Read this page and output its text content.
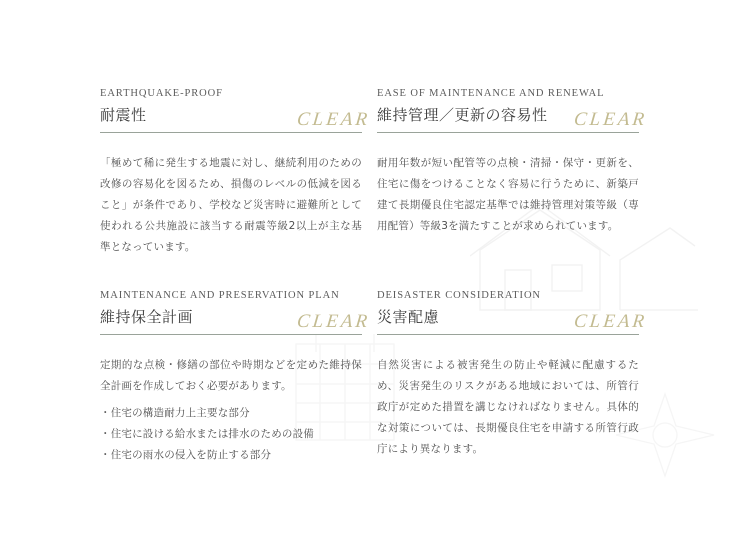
EARTHQUAKE-PROOF
耐震性	CLEAR
「極めて稀に発生する地震に対し、継続利用のための改修の容易化を図るため、損傷のレベルの低減を図ること」が条件であり、学校など災害時に避難所として使われる公共施設に該当する耐震等級2以上が主な基準となっています。
EASE OF MAINTENANCE AND RENEWAL
維持管理／更新の容易性	CLEAR
耐用年数が短い配管等の点検・清掃・保守・更新を、住宅に傷をつけることなく容易に行うために、新築戸建て長期優良住宅認定基準では維持管理対策等級（専用配管）等級3を満たすことが求められています。
MAINTENANCE AND PRESERVATION PLAN
維持保全計画	CLEAR
定期的な点検・修繕の部位や時期などを定めた維持保全計画を作成しておく必要があります。
・住宅の構造耐力上主要な部分
・住宅に設ける給水または排水のための設備
・住宅の雨水の侵入を防止する部分
DEISASTER CONSIDERATION
災害配慮	CLEAR
自然災害による被害発生の防止や軽減に配慮するため、災害発生のリスクがある地域においては、所管行政庁が定めた措置を講じなければなりません。具体的な対策については、長期優良住宅を申請する所管行政庁により異なります。
